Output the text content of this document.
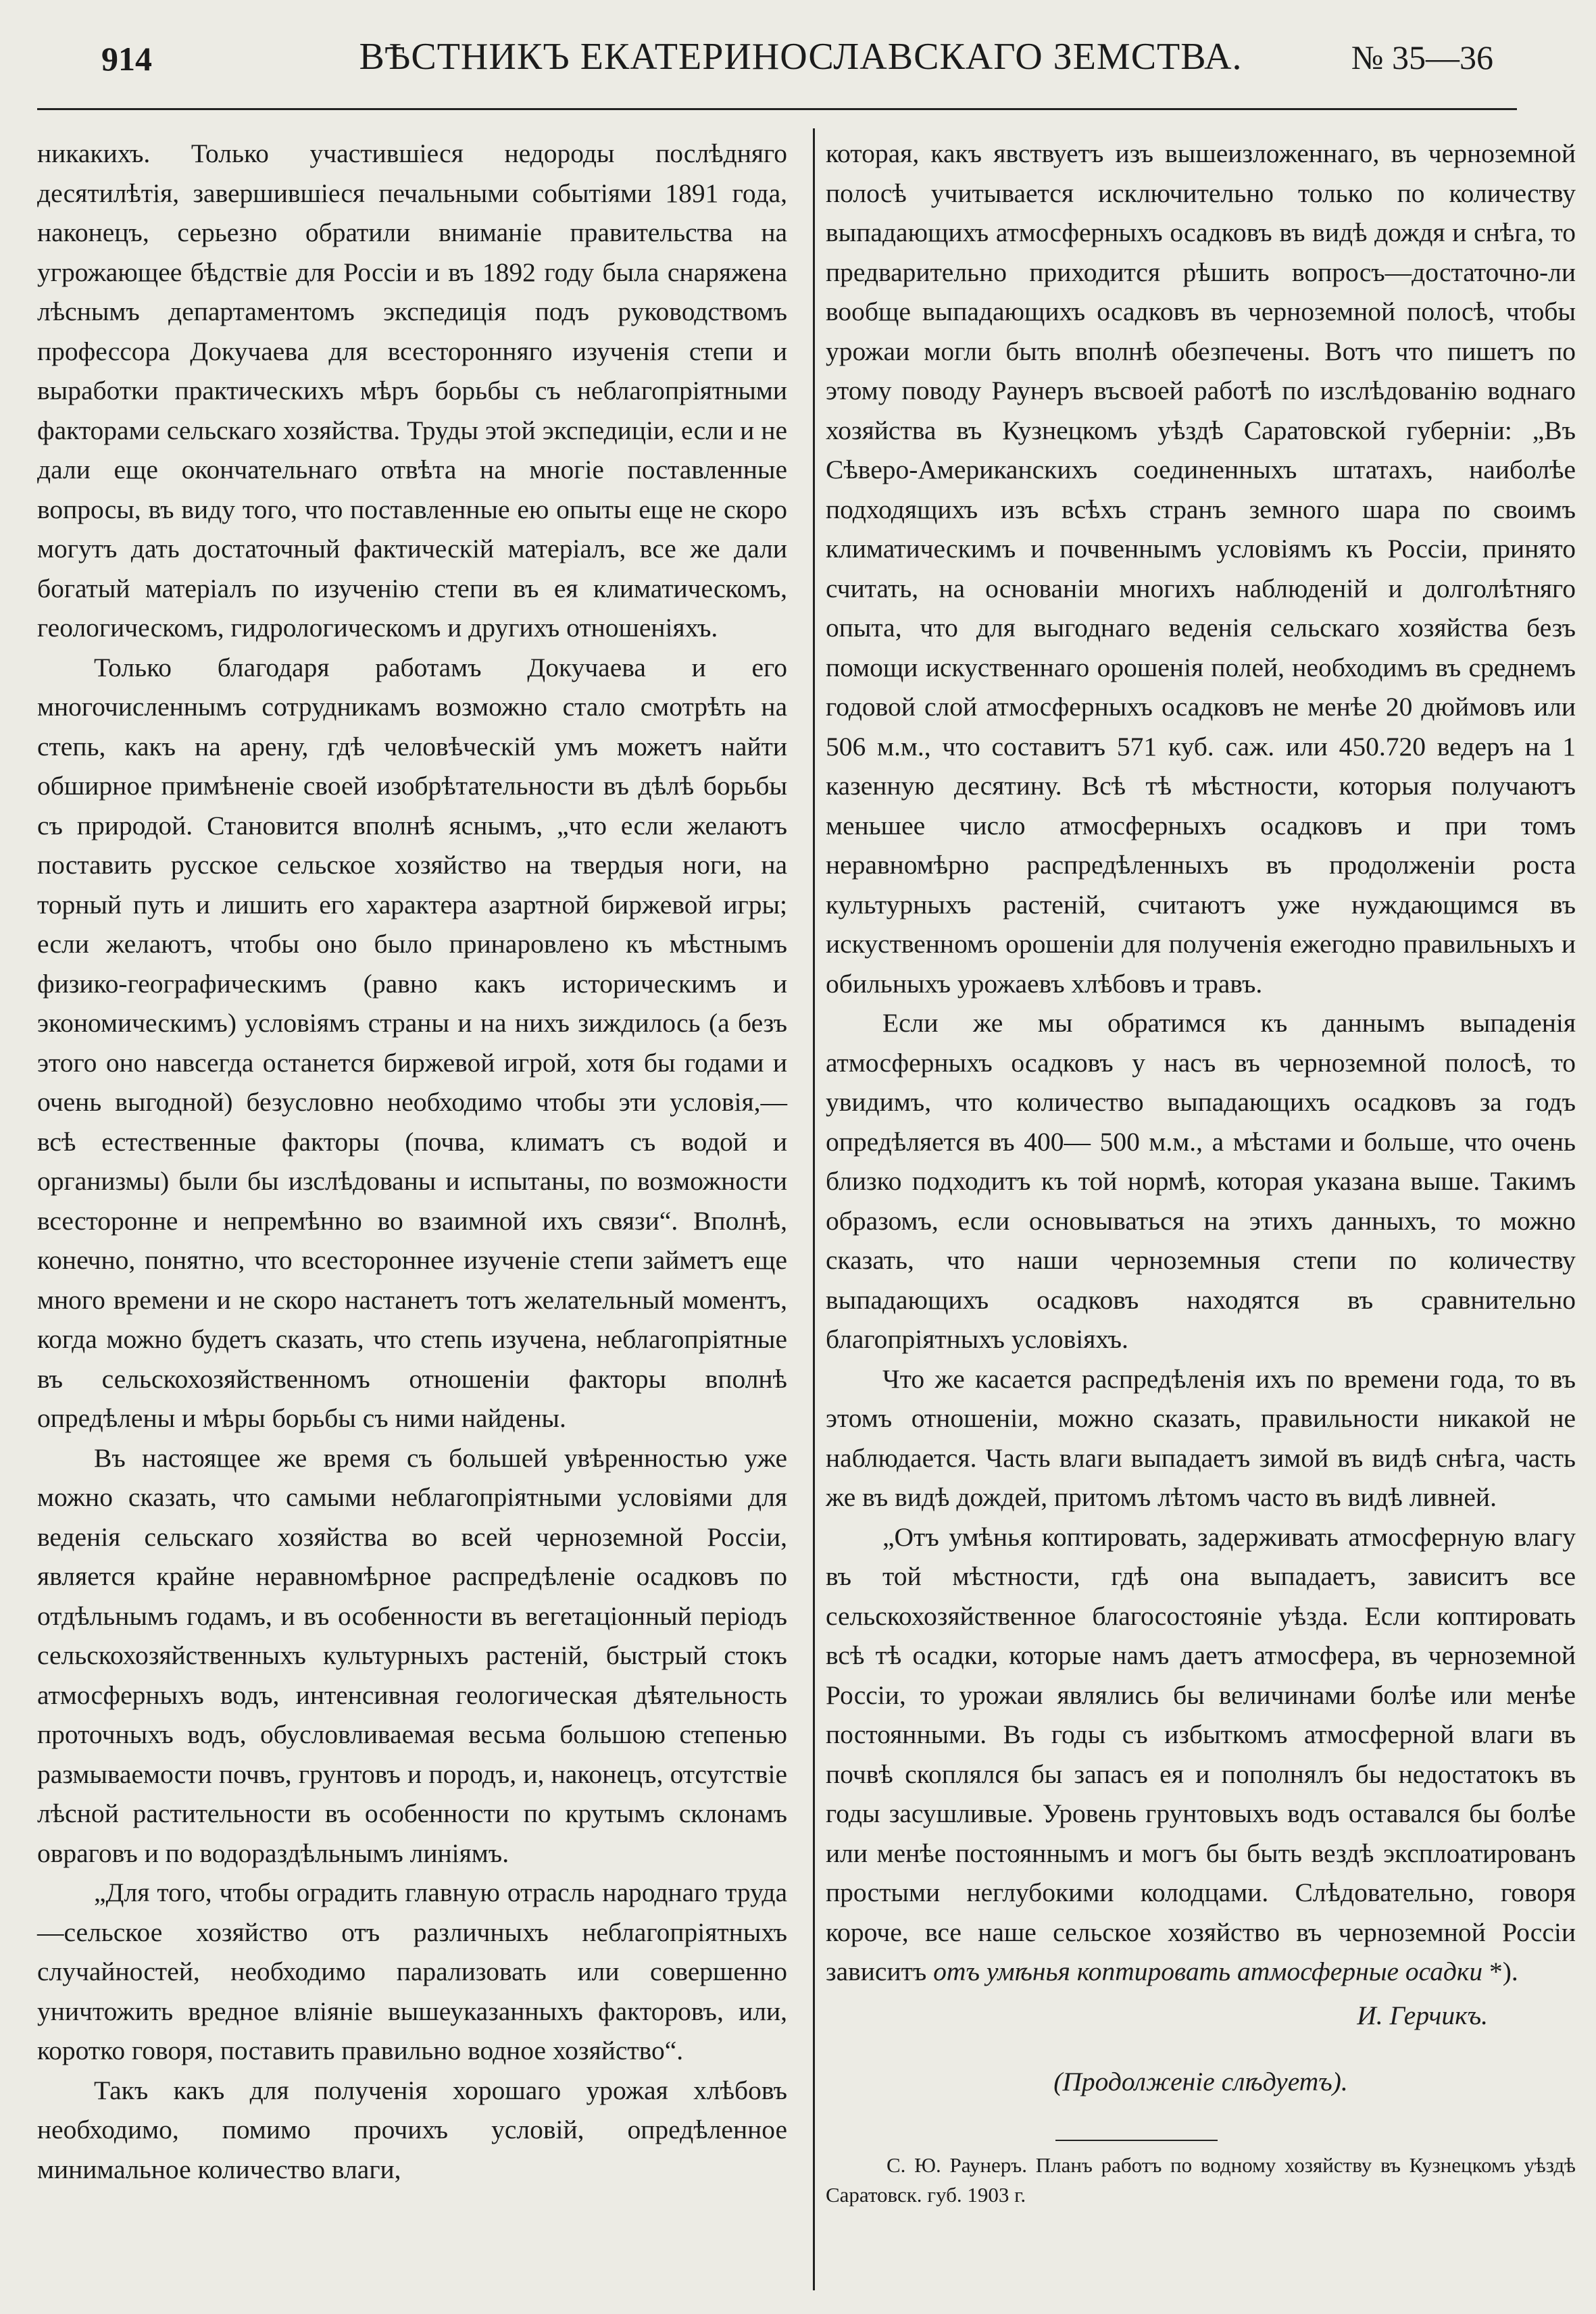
914	ВѢСТНИКЪ ЕКАТЕРИНОСЛАВСКАГО ЗЕМСТВА.	№ 35—36

никакихъ. Только участившіеся недороды послѣдняго десятилѣтія, завершившіеся печальными событіями 1891 года, наконецъ, серьезно обратили вниманіе правительства на угрожающее бѣдствіе для Россіи и въ 1892 году была снаряжена лѣснымъ департаментомъ экспедиція подъ руководствомъ профессора Докучаева для всесторонняго изученія степи и выработки практическихъ мѣръ борьбы съ неблагопріятными факторами сельскаго хозяйства. Труды этой экспедиціи, если и не дали еще окончательнаго отвѣта на многіе поставленные вопросы, въ виду того, что поставленные ею опыты еще не скоро могутъ дать достаточный фактическій матеріалъ, все же дали богатый матеріалъ по изученію степи въ ея климатическомъ, геологическомъ, гидрологическомъ и другихъ отношеніяхъ.

Только благодаря работамъ Докучаева и его многочисленнымъ сотрудникамъ возможно стало смотрѣть на степь, какъ на арену, гдѣ человѣческій умъ можетъ найти обширное примѣненіе своей изобрѣтательности въ дѣлѣ борьбы съ природой. Становится вполнѣ яснымъ, „что если желаютъ поставить русское сельское хозяйство на твердыя ноги, на торный путь и лишить его характера азартной биржевой игры; если желаютъ, чтобы оно было принаровлено къ мѣстнымъ физико-географическимъ (равно какъ историческимъ и экономическимъ) условіямъ страны и на нихъ зиждилось (а безъ этого оно навсегда останется биржевой игрой, хотя бы годами и очень выгодной) безусловно необходимо чтобы эти условія,— всѣ естественные факторы (почва, климатъ съ водой и организмы) были бы изслѣдованы и испытаны, по возможности всесторонне и непремѣнно во взаимной ихъ связи“. Вполнѣ, конечно, понятно, что всестороннее изученіе степи займетъ еще много времени и не скоро настанетъ тотъ желательный моментъ, когда можно будетъ сказать, что степь изучена, неблагопріятные въ сельскохозяйственномъ отношеніи факторы вполнѣ опредѣлены и мѣры борьбы съ ними найдены.

Въ настоящее же время съ большей увѣренностью уже можно сказать, что самыми неблагопріятными условіями для веденія сельскаго хозяйства во всей черноземной Россіи, является крайне неравномѣрное распредѣленіе осадковъ по отдѣльнымъ годамъ, и въ особенности въ вегетаціонный періодъ сельскохозяйственныхъ культурныхъ растеній, быстрый стокъ атмосферныхъ водъ, интенсивная геологическая дѣятельность проточныхъ водъ, обусловливаемая весьма большою степенью размываемости почвъ, грунтовъ и породъ, и, наконецъ, отсутствіе лѣсной растительности въ особенности по крутымъ склонамъ овраговъ и по водораздѣльнымъ линіямъ.

„Для того, чтобы оградить главную отрасль народнаго труда—сельское хозяйство отъ различныхъ неблагопріятныхъ случайностей, необходимо парализовать или совершенно уничтожить вредное вліяніе вышеуказанныхъ факторовъ, или, коротко говоря, поставить правильно водное хозяйство“.

Такъ какъ для полученія хорошаго урожая хлѣбовъ необходимо, помимо прочихъ условій, опредѣленное минимальное количество влаги,

которая, какъ явствуетъ изъ вышеизложеннаго, въ черноземной полосѣ учитывается исключительно только по количеству выпадающихъ атмосферныхъ осадковъ въ видѣ дождя и снѣга, то предварительно приходится рѣшить вопросъ—достаточно-ли вообще выпадающихъ осадковъ въ черноземной полосѣ, чтобы урожаи могли быть вполнѣ обезпечены. Вотъ что пишетъ по этому поводу Раунеръ въсвоей работѣ по изслѣдованію воднаго хозяйства въ Кузнецкомъ уѣздѣ Саратовской губерніи: „Въ Сѣверо-Американскихъ соединенныхъ штатахъ, наиболѣе подходящихъ изъ всѣхъ странъ земного шара по своимъ климатическимъ и почвеннымъ условіямъ къ Россіи, принято считать, на основаніи многихъ наблюденій и долголѣтняго опыта, что для выгоднаго веденія сельскаго хозяйства безъ помощи искуственнаго орошенія полей, необходимъ въ среднемъ годовой слой атмосферныхъ осадковъ не менѣе 20 дюймовъ или 506 м.м., что составитъ 571 куб. саж. или 450.720 ведеръ на 1 казенную десятину. Всѣ тѣ мѣстности, которыя получаютъ меньшее число атмосферныхъ осадковъ и при томъ неравномѣрно распредѣленныхъ въ продолженіи роста культурныхъ растеній, считаютъ уже нуждающимся въ искуственномъ орошеніи для полученія ежегодно правильныхъ и обильныхъ урожаевъ хлѣбовъ и травъ.

Если же мы обратимся къ даннымъ выпаденія атмосферныхъ осадковъ у насъ въ черноземной полосѣ, то увидимъ, что количество выпадающихъ осадковъ за годъ опредѣляется въ 400— 500 м.м., а мѣстами и больше, что очень близко подходитъ къ той нормѣ, которая указана выше. Такимъ образомъ, если основываться на этихъ данныхъ, то можно сказать, что наши черноземныя степи по количеству выпадающихъ осадковъ находятся въ сравнительно благопріятныхъ условіяхъ.

Что же касается распредѣленія ихъ по времени года, то въ этомъ отношеніи, можно сказать, правильности никакой не наблюдается. Часть влаги выпадаетъ зимой въ видѣ снѣга, часть же въ видѣ дождей, притомъ лѣтомъ часто въ видѣ ливней.

„Отъ умѣнья коптировать, задерживать атмосферную влагу въ той мѣстности, гдѣ она выпадаетъ, зависитъ все сельскохозяйственное благосостояніе уѣзда. Если коптировать всѣ тѣ осадки, которые намъ даетъ атмосфера, въ черноземной Россіи, то урожаи являлись бы величинами болѣе или менѣе постоянными. Въ годы съ избыткомъ атмосферной влаги въ почвѣ скоплялся бы запасъ ея и пополнялъ бы недостатокъ въ годы засушливые. Уровень грунтовыхъ водъ оставался бы болѣе или менѣе постояннымъ и могъ бы быть вездѣ эксплоатированъ простыми неглубокими колодцами. Слѣдовательно, говоря короче, все наше сельское хозяйство въ черноземной Россіи зависитъ отъ умѣнья коптировать атмосферные осадки *).

И. Герчикъ.

(Продолженіе слѣдуетъ).

С. Ю. Раунеръ. Планъ работъ по водному хозяйству въ Кузнецкомъ уѣздѣ Саратовск. губ. 1903 г.
